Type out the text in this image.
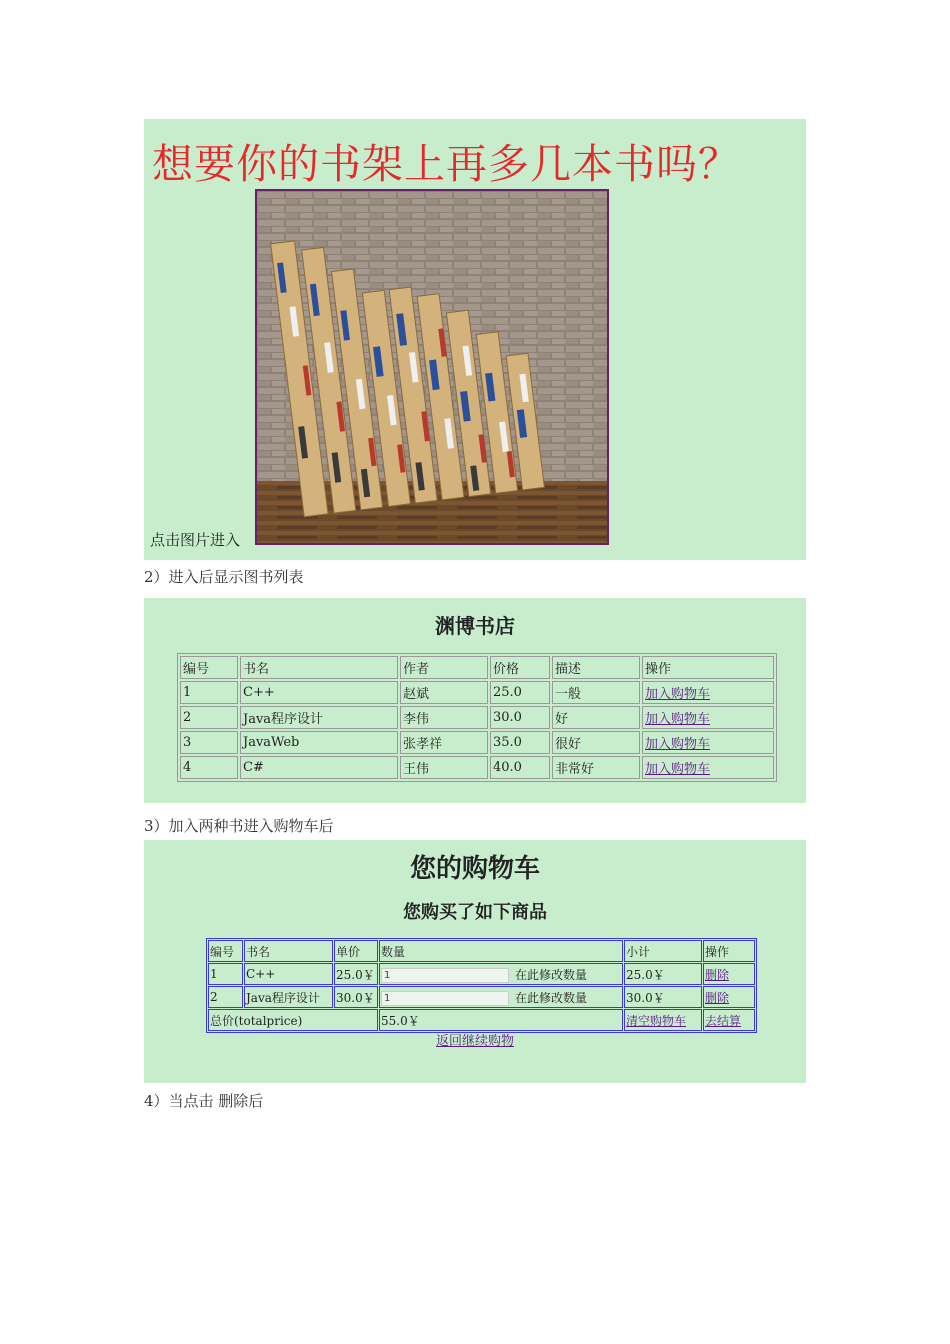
想要你的书架上再多几本书吗？
点击图片进入
2）进入后显示图书列表
渊博书店
编号	书名	作者	价格	描述	操作
1	C++	赵斌	25.0	一般	加入购物车
2	Java程序设计	李伟	30.0	好	加入购物车
3	JavaWeb	张孝祥	35.0	很好	加入购物车
4	C#	王伟	40.0	非常好	加入购物车
3）加入两种书进入购物车后
您的购物车
您购买了如下商品
编号	书名	单价	数量	小计	操作
1	C++	25.0￥	1在此修改数量	25.0￥	删除
2	Java程序设计	30.0￥	1在此修改数量	30.0￥	删除
总价(totalprice)			55.0￥	清空购物车	去结算
返回继续购物
4）当点击 删除后
